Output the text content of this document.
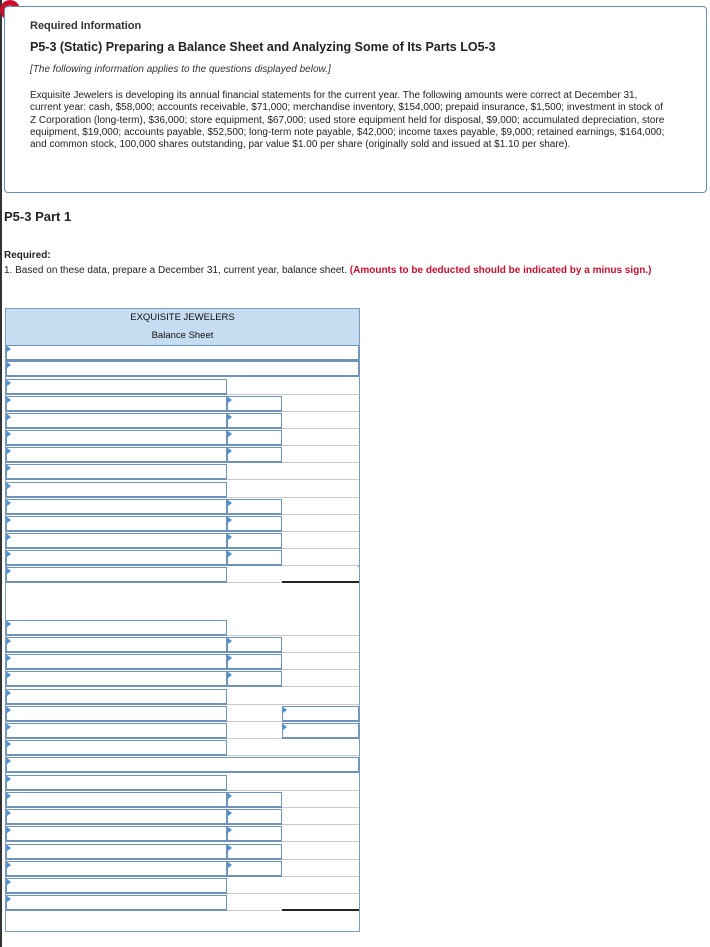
Required Information
P5-3 (Static) Preparing a Balance Sheet and Analyzing Some of Its Parts LO5-3
[The following information applies to the questions displayed below.]
Exquisite Jewelers is developing its annual financial statements for the current year. The following amounts were correct at December 31, current year: cash, $58,000; accounts receivable, $71,000; merchandise inventory, $154,000; prepaid insurance, $1,500; investment in stock of Z Corporation (long-term), $36,000; store equipment, $67,000; used store equipment held for disposal, $9,000; accumulated depreciation, store equipment, $19,000; accounts payable, $52,500; long-term note payable, $42,000; income taxes payable, $9,000; retained earnings, $164,000; and common stock, 100,000 shares outstanding, par value $1.00 per share (originally sold and issued at $1.10 per share).
P5-3 Part 1
Required:
1. Based on these data, prepare a December 31, current year, balance sheet. (Amounts to be deducted should be indicated by a minus sign.)
EXQUISITE JEWELERS
Balance Sheet
